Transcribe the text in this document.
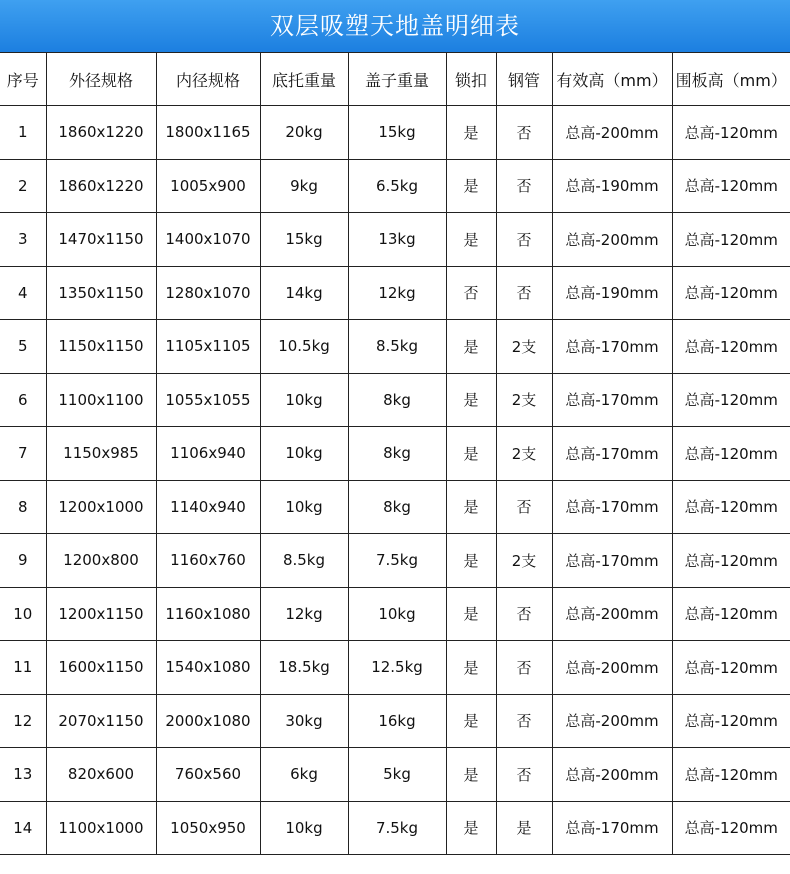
双层吸塑天地盖明细表
序号	外径规格	内径规格	底托重量	盖子重量	锁扣	钢管	有效高（mm）	围板高（mm）
1	1860x1220	1800x1165	20kg	15kg	是	否	总高-200mm	总高-120mm
2	1860x1220	1005x900	9kg	6.5kg	是	否	总高-190mm	总高-120mm
3	1470x1150	1400x1070	15kg	13kg	是	否	总高-200mm	总高-120mm
4	1350x1150	1280x1070	14kg	12kg	否	否	总高-190mm	总高-120mm
5	1150x1150	1105x1105	10.5kg	8.5kg	是	2支	总高-170mm	总高-120mm
6	1100x1100	1055x1055	10kg	8kg	是	2支	总高-170mm	总高-120mm
7	1150x985	1106x940	10kg	8kg	是	2支	总高-170mm	总高-120mm
8	1200x1000	1140x940	10kg	8kg	是	否	总高-170mm	总高-120mm
9	1200x800	1160x760	8.5kg	7.5kg	是	2支	总高-170mm	总高-120mm
10	1200x1150	1160x1080	12kg	10kg	是	否	总高-200mm	总高-120mm
11	1600x1150	1540x1080	18.5kg	12.5kg	是	否	总高-200mm	总高-120mm
12	2070x1150	2000x1080	30kg	16kg	是	否	总高-200mm	总高-120mm
13	820x600	760x560	6kg	5kg	是	否	总高-200mm	总高-120mm
14	1100x1000	1050x950	10kg	7.5kg	是	是	总高-170mm	总高-120mm
